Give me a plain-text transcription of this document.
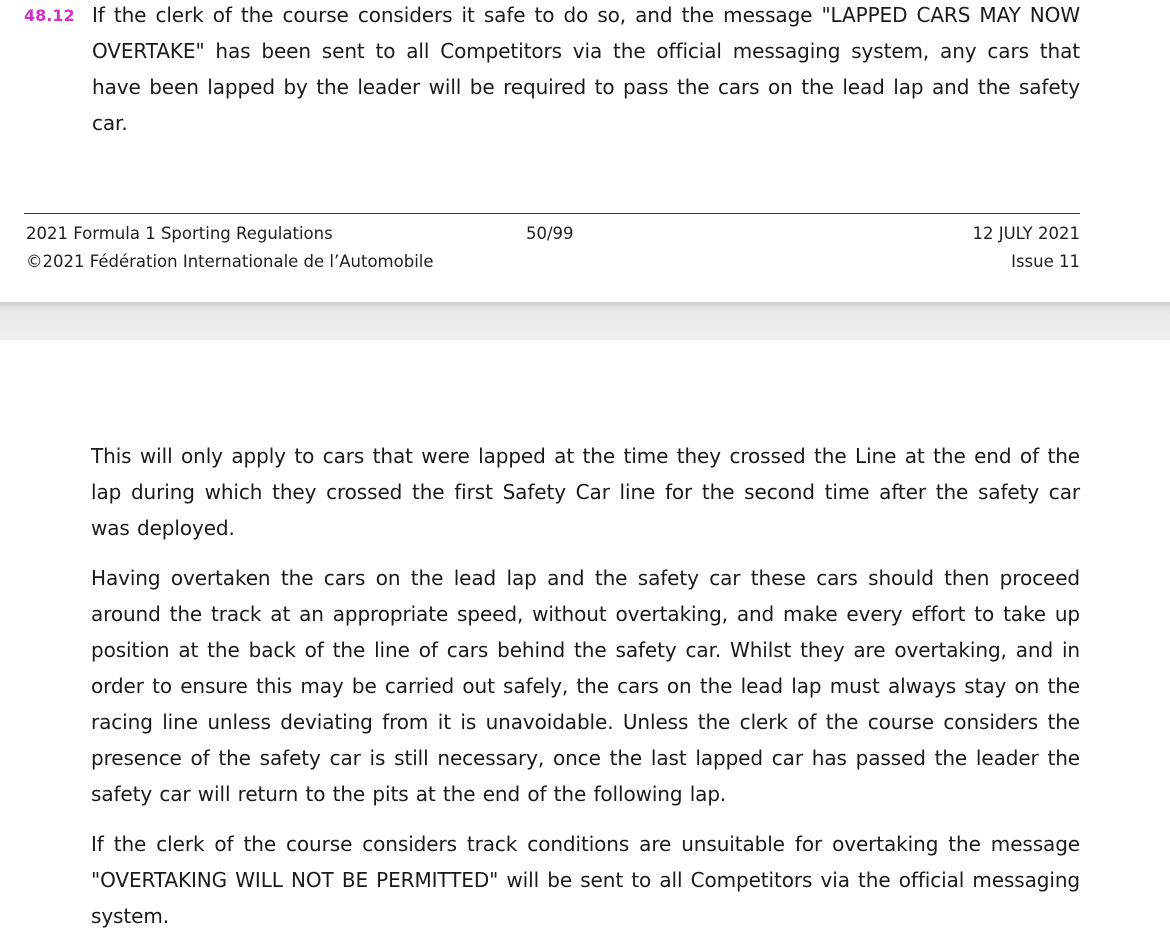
48.12 If the clerk of the course considers it safe to do so, and the message "LAPPED CARS MAY NOW OVERTAKE" has been sent to all Competitors via the official messaging system, any cars that have been lapped by the leader will be required to pass the cars on the lead lap and the safety car.

2021 Formula 1 Sporting Regulations
©2021 Fédération Internationale de l’Automobile
50/99	12 JULY 2021
Issue 11

This will only apply to cars that were lapped at the time they crossed the Line at the end of the lap during which they crossed the first Safety Car line for the second time after the safety car was deployed.

Having overtaken the cars on the lead lap and the safety car these cars should then proceed around the track at an appropriate speed, without overtaking, and make every effort to take up position at the back of the line of cars behind the safety car. Whilst they are overtaking, and in order to ensure this may be carried out safely, the cars on the lead lap must always stay on the racing line unless deviating from it is unavoidable. Unless the clerk of the course considers the presence of the safety car is still necessary, once the last lapped car has passed the leader the safety car will return to the pits at the end of the following lap.

If the clerk of the course considers track conditions are unsuitable for overtaking the message "OVERTAKING WILL NOT BE PERMITTED" will be sent to all Competitors via the official messaging system.
